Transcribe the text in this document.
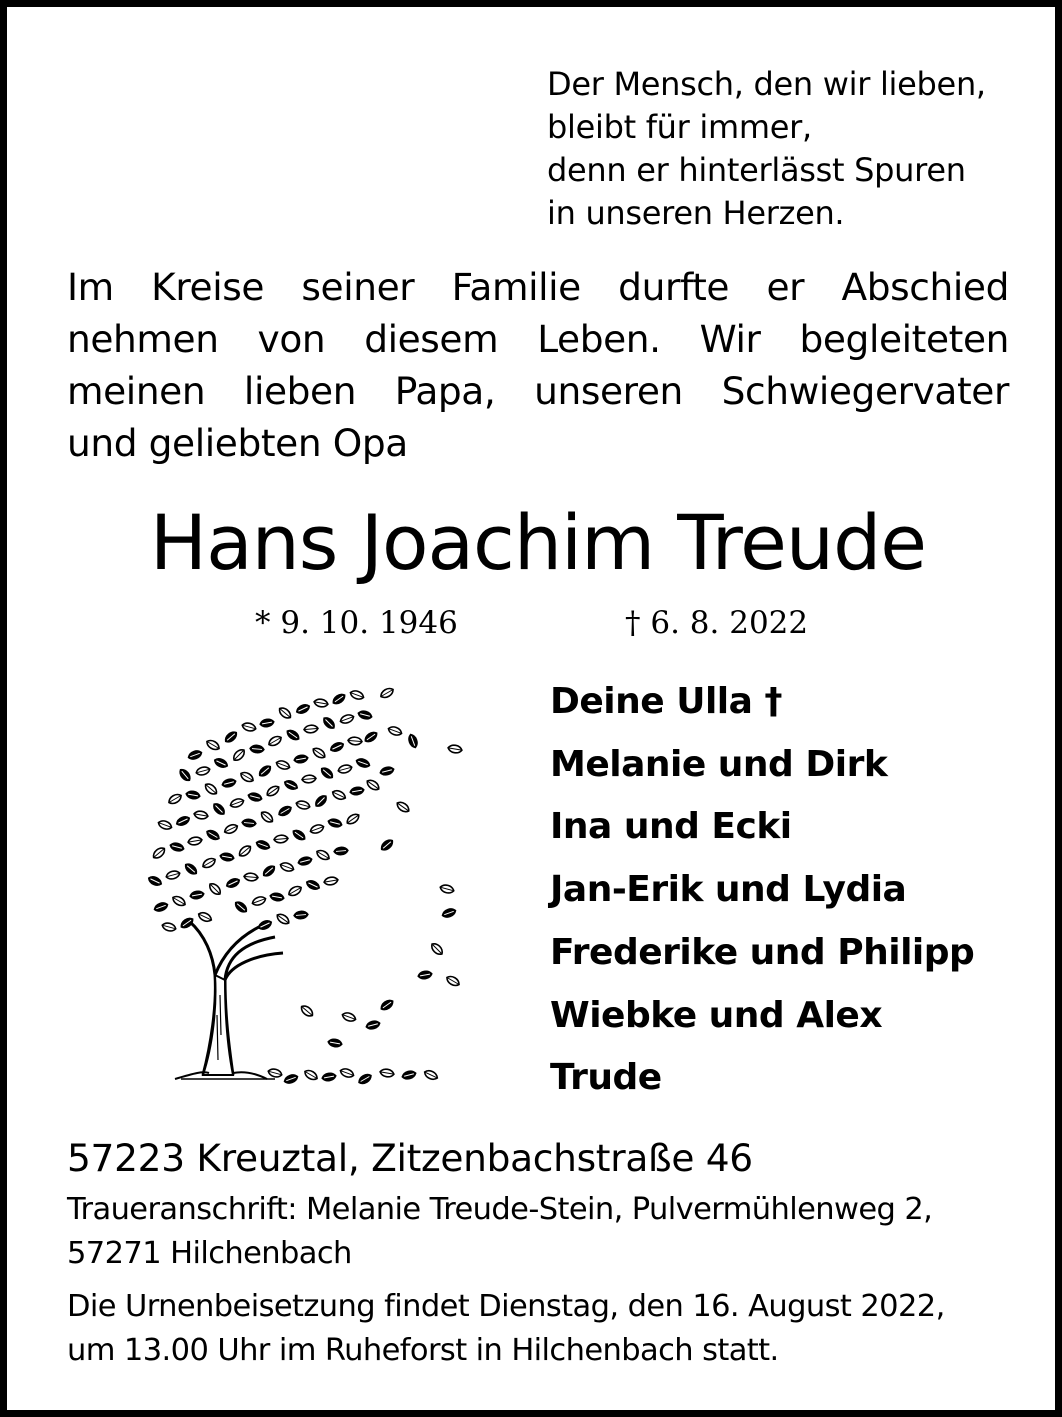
Der Mensch, den wir lieben,
bleibt für immer,
denn er hinterlässt Spuren
in unseren Herzen.
Im Kreise seiner Familie durfte er Abschied
nehmen von diesem Leben. Wir begleiteten
meinen lieben Papa, unseren Schwiegervater
und geliebten Opa
Hans Joachim Treude
* 9. 10. 1946	† 6. 8. 2022
Deine Ulla †
Melanie und Dirk
Ina und Ecki
Jan-Erik und Lydia
Frederike und Philipp
Wiebke und Alex
Trude
57223 Kreuztal, Zitzenbachstraße 46
Traueranschrift: Melanie Treude-Stein, Pulvermühlenweg 2,
57271 Hilchenbach
Die Urnenbeisetzung findet Dienstag, den 16. August 2022,
um 13.00 Uhr im Ruheforst in Hilchenbach statt.
